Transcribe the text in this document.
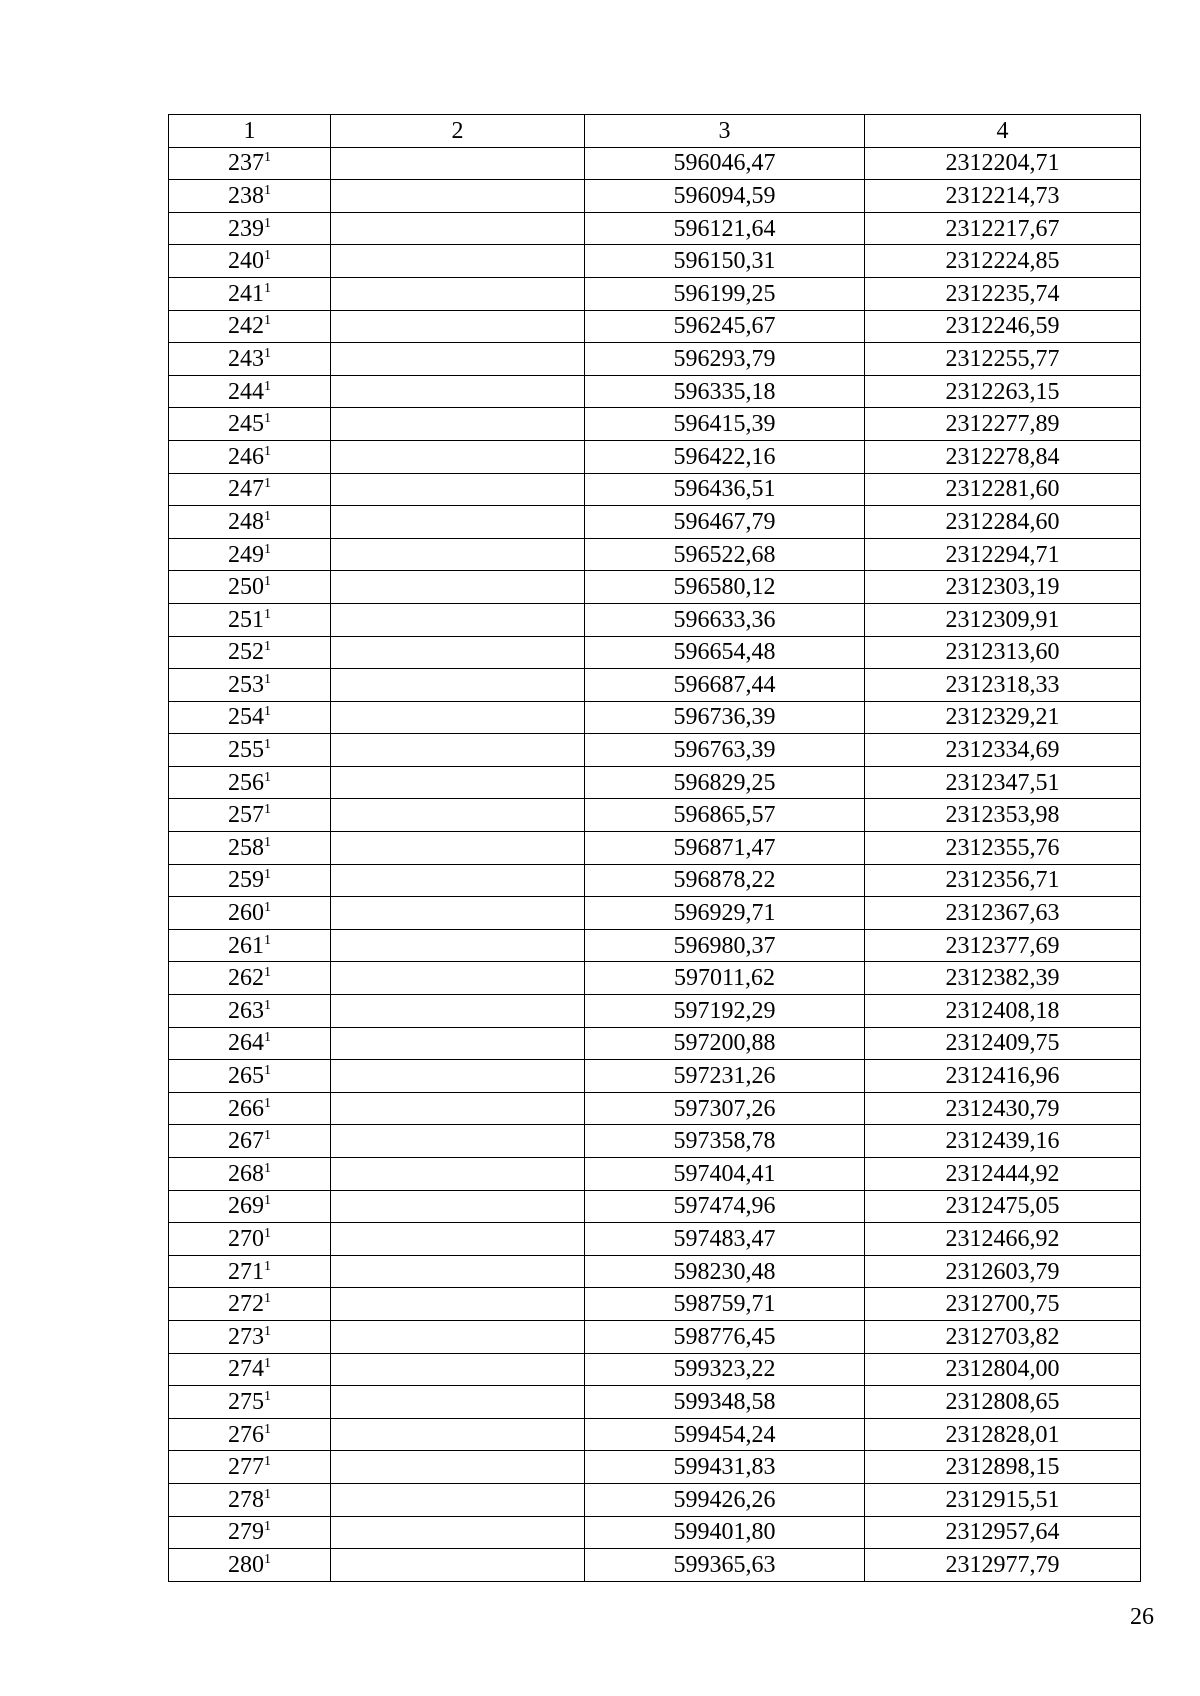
1	2	3	4
$237^1$		596046,47	2312204,71
$238^1$		596094,59	2312214,73
$239^1$		596121,64	2312217,67
$240^1$		596150,31	2312224,85
$241^1$		596199,25	2312235,74
$242^1$		596245,67	2312246,59
$243^1$		596293,79	2312255,77
$244^1$		596335,18	2312263,15
$245^1$		596415,39	2312277,89
$246^1$		596422,16	2312278,84
$247^1$		596436,51	2312281,60
$248^1$		596467,79	2312284,60
$249^1$		596522,68	2312294,71
$250^1$		596580,12	2312303,19
$251^1$		596633,36	2312309,91
$252^1$		596654,48	2312313,60
$253^1$		596687,44	2312318,33
$254^1$		596736,39	2312329,21
$255^1$		596763,39	2312334,69
$256^1$		596829,25	2312347,51
$257^1$		596865,57	2312353,98
$258^1$		596871,47	2312355,76
$259^1$		596878,22	2312356,71
$260^1$		596929,71	2312367,63
$261^1$		596980,37	2312377,69
$262^1$		597011,62	2312382,39
$263^1$		597192,29	2312408,18
$264^1$		597200,88	2312409,75
$265^1$		597231,26	2312416,96
$266^1$		597307,26	2312430,79
$267^1$		597358,78	2312439,16
$268^1$		597404,41	2312444,92
$269^1$		597474,96	2312475,05
$270^1$		597483,47	2312466,92
$271^1$		598230,48	2312603,79
$272^1$		598759,71	2312700,75
$273^1$		598776,45	2312703,82
$274^1$		599323,22	2312804,00
$275^1$		599348,58	2312808,65
$276^1$		599454,24	2312828,01
$277^1$		599431,83	2312898,15
$278^1$		599426,26	2312915,51
$279^1$		599401,80	2312957,64
$280^1$		599365,63	2312977,79
26
